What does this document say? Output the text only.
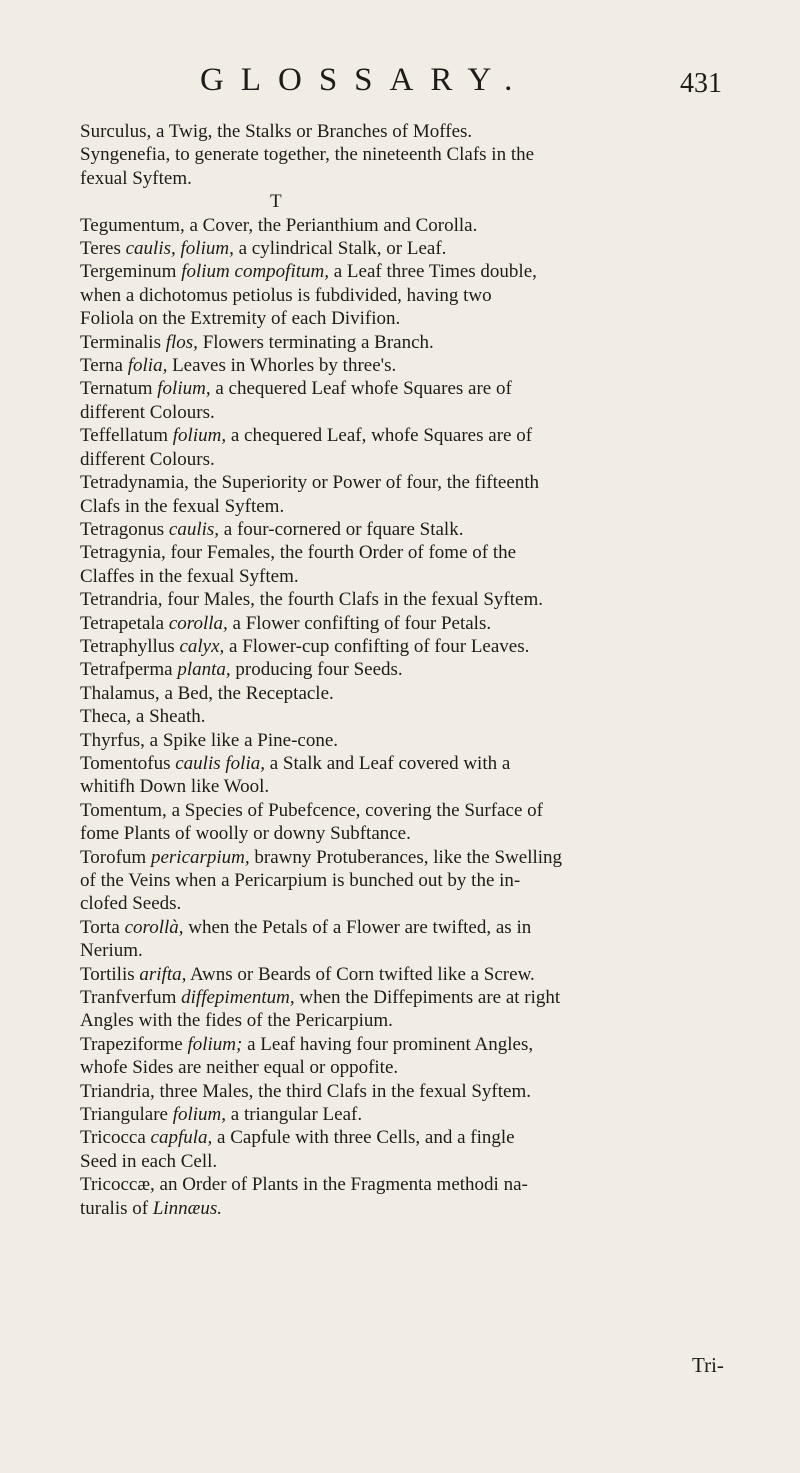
GLOSSARY.	431

Surculus, a Twig, the Stalks or Branches of Moffes.

Syngenefia, to generate together, the nineteenth Clafs in the
fexual Syftem.

T

Tegumentum, a Cover, the Perianthium and Corolla.

Teres caulis, folium, a cylindrical Stalk, or Leaf.

Tergeminum folium compofitum, a Leaf three Times double,
when a dichotomus petiolus is fubdivided, having two
Foliola on the Extremity of each Divifion.

Terminalis flos, Flowers terminating a Branch.

Terna folia, Leaves in Whorles by three's.

Ternatum folium, a chequered Leaf whofe Squares are of
different Colours.

Teffellatum folium, a chequered Leaf, whofe Squares are of
different Colours.

Tetradynamia, the Superiority or Power of four, the fifteenth
Clafs in the fexual Syftem.

Tetragonus caulis, a four-cornered or fquare Stalk.

Tetragynia, four Females, the fourth Order of fome of the
Claffes in the fexual Syftem.

Tetrandria, four Males, the fourth Clafs in the fexual Syftem.

Tetrapetala corolla, a Flower confifting of four Petals.

Tetraphyllus calyx, a Flower-cup confifting of four Leaves.

Tetrafperma planta, producing four Seeds.

Thalamus, a Bed, the Receptacle.

Theca, a Sheath.

Thyrfus, a Spike like a Pine-cone.

Tomentofus caulis folia, a Stalk and Leaf covered with a
whitifh Down like Wool.

Tomentum, a Species of Pubefcence, covering the Surface of
fome Plants of woolly or downy Subftance.

Torofum pericarpium, brawny Protuberances, like the Swelling
of the Veins when a Pericarpium is bunched out by the in-
clofed Seeds.

Torta corollà, when the Petals of a Flower are twifted, as in
Nerium.

Tortilis arifta, Awns or Beards of Corn twifted like a Screw.

Tranfverfum diffepimentum, when the Diffepiments are at right
Angles with the fides of the Pericarpium.

Trapeziforme folium; a Leaf having four prominent Angles,
whofe Sides are neither equal or oppofite.

Triandria, three Males, the third Clafs in the fexual Syftem.

Triangulare folium, a triangular Leaf.

Tricocca capfula, a Capfule with three Cells, and a fingle
Seed in each Cell.

Tricoccæ, an Order of Plants in the Fragmenta methodi na-
turalis of Linnæus.

Tri-
